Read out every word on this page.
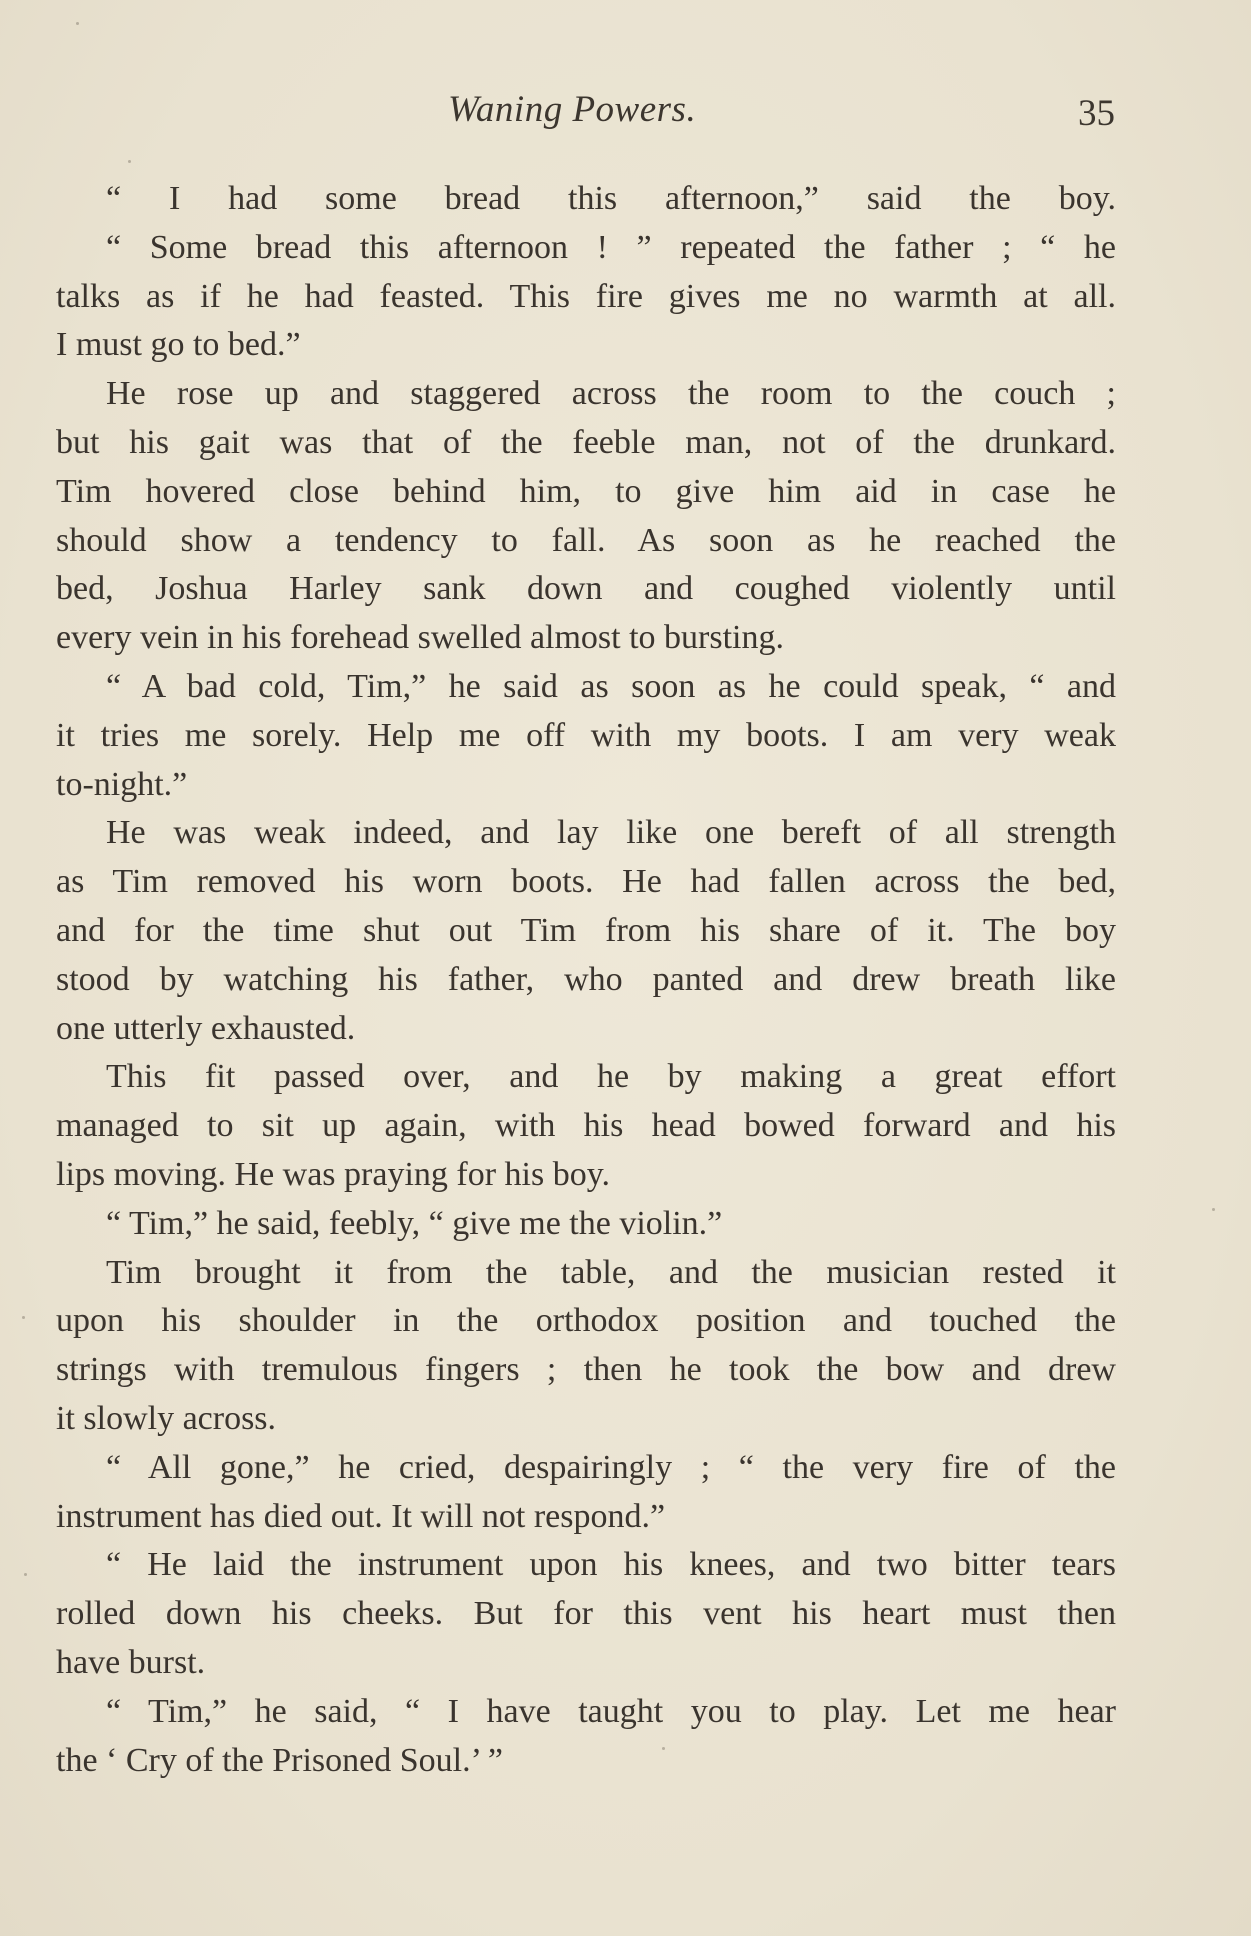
Waning Powers.	35
“ I had some bread this afternoon,” said the boy.
“ Some bread this afternoon ! ” repeated the father ; “ he
talks as if he had feasted. This fire gives me no warmth at all.
I must go to bed.”
He rose up and staggered across the room to the couch ;
but his gait was that of the feeble man, not of the drunkard.
Tim hovered close behind him, to give him aid in case he
should show a tendency to fall. As soon as he reached the
bed, Joshua Harley sank down and coughed violently until
every vein in his forehead swelled almost to bursting.
“ A bad cold, Tim,” he said as soon as he could speak, “ and
it tries me sorely. Help me off with my boots. I am very weak
to-night.”
He was weak indeed, and lay like one bereft of all strength
as Tim removed his worn boots. He had fallen across the bed,
and for the time shut out Tim from his share of it. The boy
stood by watching his father, who panted and drew breath like
one utterly exhausted.
This fit passed over, and he by making a great effort
managed to sit up again, with his head bowed forward and his
lips moving. He was praying for his boy.
“ Tim,” he said, feebly, “ give me the violin.”
Tim brought it from the table, and the musician rested it
upon his shoulder in the orthodox position and touched the
strings with tremulous fingers ; then he took the bow and drew
it slowly across.
“ All gone,” he cried, despairingly ; “ the very fire of the
instrument has died out. It will not respond.”
“ He laid the instrument upon his knees, and two bitter tears
rolled down his cheeks. But for this vent his heart must then
have burst.
“ Tim,” he said, “ I have taught you to play. Let me hear
the ‘ Cry of the Prisoned Soul.’ ”
